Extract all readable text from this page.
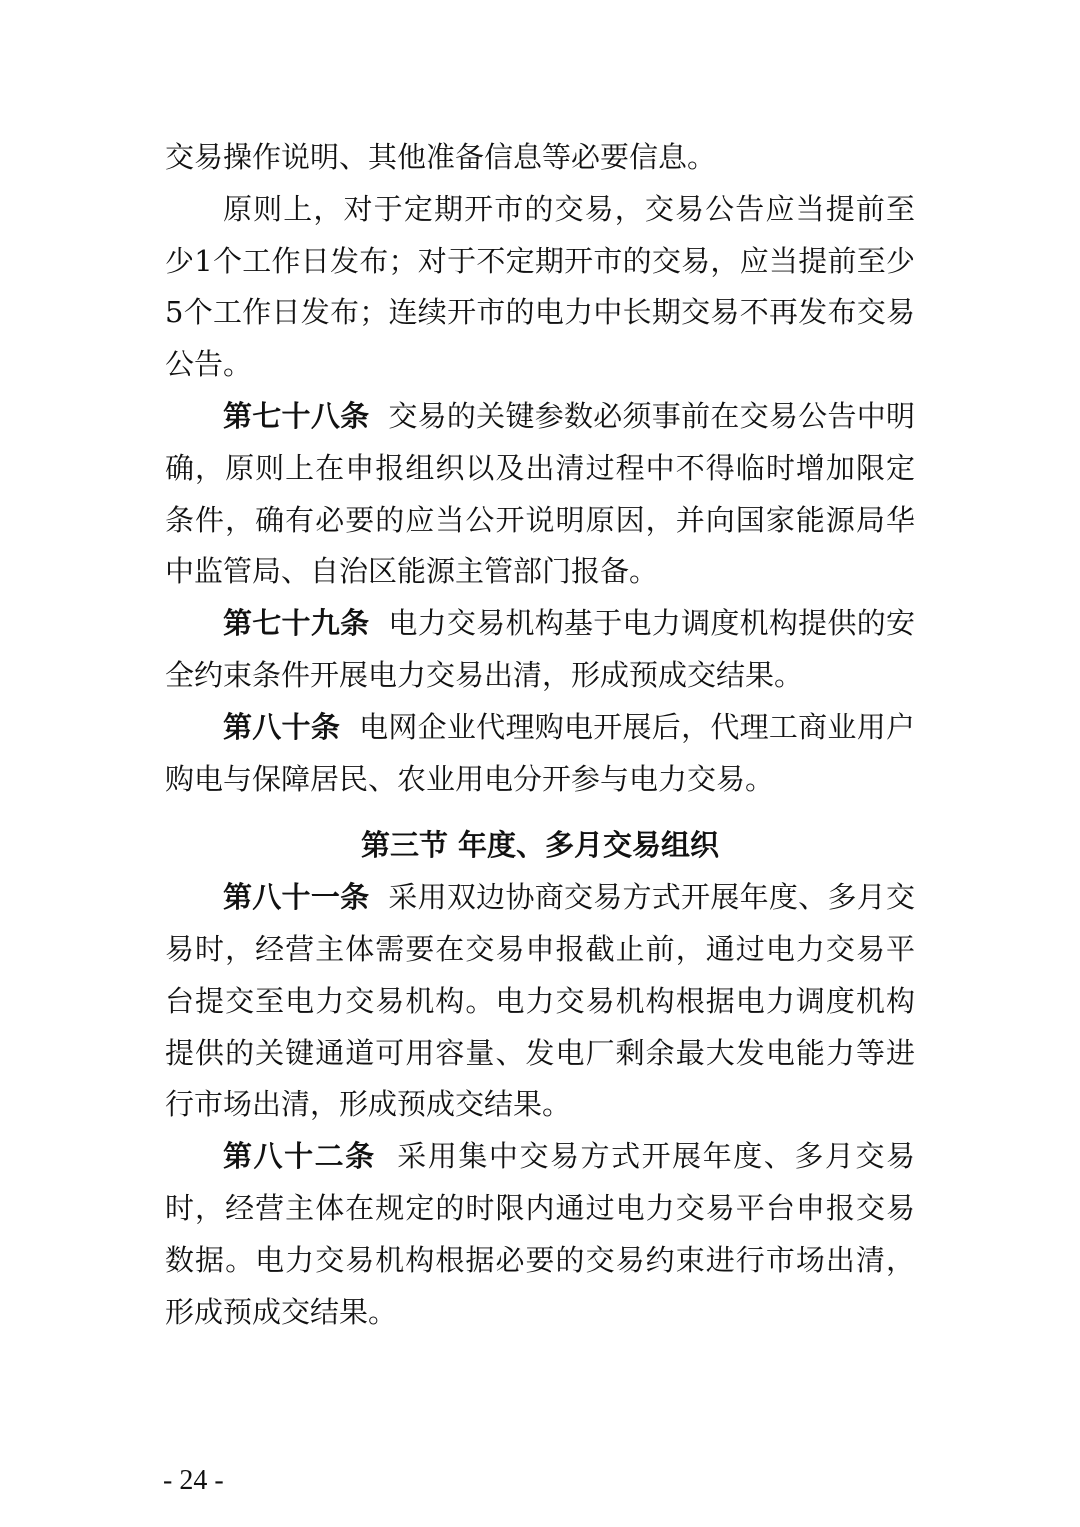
交易操作说明、其他准备信息等必要信息。

原则上，对于定期开市的交易，交易公告应当提前至少1个工作日发布；对于不定期开市的交易，应当提前至少5个工作日发布；连续开市的电力中长期交易不再发布交易公告。

第七十八条 交易的关键参数必须事前在交易公告中明确，原则上在申报组织以及出清过程中不得临时增加限定条件，确有必要的应当公开说明原因，并向国家能源局华中监管局、自治区能源主管部门报备。

第七十九条 电力交易机构基于电力调度机构提供的安全约束条件开展电力交易出清，形成预成交结果。

第八十条 电网企业代理购电开展后，代理工商业用户购电与保障居民、农业用电分开参与电力交易。

第三节 年度、多月交易组织

第八十一条 采用双边协商交易方式开展年度、多月交易时，经营主体需要在交易申报截止前，通过电力交易平台提交至电力交易机构。电力交易机构根据电力调度机构提供的关键通道可用容量、发电厂剩余最大发电能力等进行市场出清，形成预成交结果。

第八十二条 采用集中交易方式开展年度、多月交易时，经营主体在规定的时限内通过电力交易平台申报交易数据。电力交易机构根据必要的交易约束进行市场出清，形成预成交结果。

- 24 -
